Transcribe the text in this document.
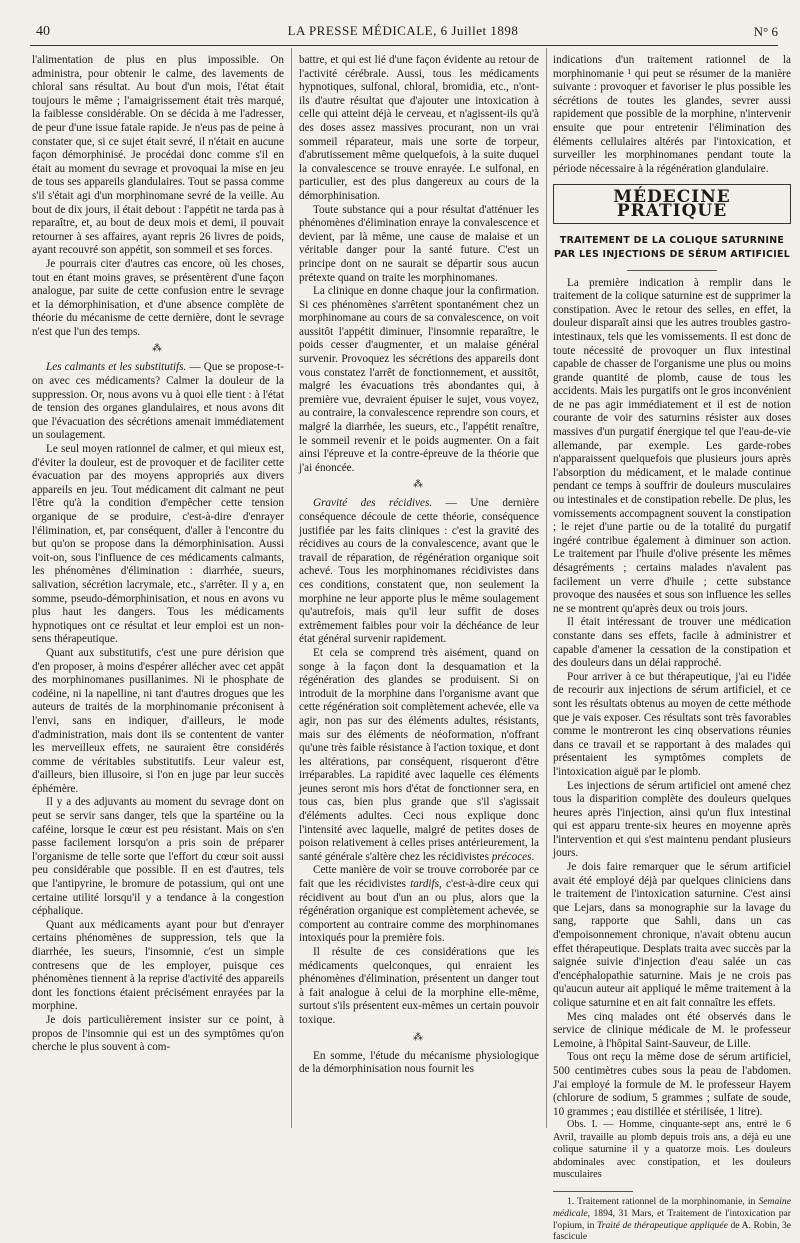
40	LA PRESSE MÉDICALE, 6 Juillet 1898	N° 6

l'alimentation de plus en plus impossible. On administra, pour obtenir le calme, des lavements de chloral sans résultat. Au bout d'un mois, l'état était toujours le même ; l'amaigrissement était très marqué, la faiblesse considérable. On se décida à me l'adresser, de peur d'une issue fatale rapide. Je n'eus pas de peine à constater que, si ce sujet était sevré, il n'était en aucune façon démorphinisé. Je procédai donc comme s'il en était au moment du sevrage et provoquai la mise en jeu de tous ses appareils glandulaires. Tout se passa comme s'il s'était agi d'un morphinomane sevré de la veille. Au bout de dix jours, il était debout : l'appétit ne tarda pas à reparaître, et, au bout de deux mois et demi, il pouvait retourner à ses affaires, ayant repris 26 livres de poids, ayant recouvré son appétit, son sommeil et ses forces.

Je pourrais citer d'autres cas encore, où les choses, tout en étant moins graves, se présentèrent d'une façon analogue, par suite de cette confusion entre le sevrage et la démorphinisation, et d'une absence complète de théorie du mécanisme de cette dernière, dont le sevrage n'est que l'un des temps.

⁂

Les calmants et les substitutifs. — Que se propose-t-on avec ces médicaments? Calmer la douleur de la suppression. Or, nous avons vu à quoi elle tient : à l'état de tension des organes glandulaires, et nous avons dit que l'évacuation des sécrétions amenait immédiatement un soulagement.

Le seul moyen rationnel de calmer, et qui mieux est, d'éviter la douleur, est de provoquer et de faciliter cette évacuation par des moyens appropriés aux divers appareils en jeu. Tout médicament dit calmant ne peut l'être qu'à la condition d'empêcher cette tension organique de se produire, c'est-à-dire d'enrayer l'élimination, et, par conséquent, d'aller à l'encontre du but qu'on se propose dans la démorphinisation. Aussi voit-on, sous l'influence de ces médicaments calmants, les phénomènes d'élimination : diarrhée, sueurs, salivation, sécrétion lacrymale, etc., s'arrêter. Il y a, en somme, pseudo-démorphinisation, et nous en avons vu plus haut les dangers. Tous les médicaments hypnotiques ont ce résultat et leur emploi est un non-sens thérapeutique.

Quant aux substitutifs, c'est une pure dérision que d'en proposer, à moins d'espérer allécher avec cet appât des morphinomanes pusillanimes. Ni le phosphate de codéine, ni la napelline, ni tant d'autres drogues que les auteurs de traités de la morphinomanie préconisent à l'envi, sans en indiquer, d'ailleurs, le mode d'administration, mais dont ils se contentent de vanter les merveilleux effets, ne sauraient être considérés comme de véritables substitutifs. Leur valeur est, d'ailleurs, bien illusoire, si l'on en juge par leur succès éphémère.

Il y a des adjuvants au moment du sevrage dont on peut se servir sans danger, tels que la spartéine ou la caféine, lorsque le cœur est peu résistant. Mais on s'en passe facilement lorsqu'on a pris soin de préparer l'organisme de telle sorte que l'effort du cœur soit aussi peu considérable que possible. Il en est d'autres, tels que l'antipyrine, le bromure de potassium, qui ont une certaine utilité lorsqu'il y a tendance à la congestion céphalique.

Quant aux médicaments ayant pour but d'enrayer certains phénomènes de suppression, tels que la diarrhée, les sueurs, l'insomnie, c'est un simple contresens que de les employer, puisque ces phénomènes tiennent à la reprise d'activité des appareils dont les fonctions étaient précisément enrayées par la morphine.

Je dois particulièrement insister sur ce point, à propos de l'insomnie qui est un des symptômes qu'on cherche le plus souvent à com-

battre, et qui est lié d'une façon évidente au retour de l'activité cérébrale. Aussi, tous les médicaments hypnotiques, sulfonal, chloral, bromidia, etc., n'ont-ils d'autre résultat que d'ajouter une intoxication à celle qui atteint déjà le cerveau, et n'agissent-ils qu'à des doses assez massives procurant, non un vrai sommeil réparateur, mais une sorte de torpeur, d'abrutissement même quelquefois, à la suite duquel la convalescence se trouve enrayée. Le sulfonal, en particulier, est des plus dangereux au cours de la démorphinisation.

Toute substance qui a pour résultat d'atténuer les phénomènes d'élimination enraye la convalescence et devient, par là même, une cause de malaise et un véritable danger pour la santé future. C'est un principe dont on ne saurait se départir sous aucun prétexte quand on traite les morphinomanes.

La clinique en donne chaque jour la confirmation. Si ces phénomènes s'arrêtent spontanément chez un morphinomane au cours de sa convalescence, on voit aussitôt l'appétit diminuer, l'insomnie reparaître, le poids cesser d'augmenter, et un malaise général survenir. Provoquez les sécrétions des appareils dont vous constatez l'arrêt de fonctionnement, et aussitôt, malgré les évacuations très abondantes qui, à première vue, devraient épuiser le sujet, vous voyez, au contraire, la convalescence reprendre son cours, et malgré la diarrhée, les sueurs, etc., l'appétit renaître, le sommeil revenir et le poids augmenter. On a fait ainsi l'épreuve et la contre-épreuve de la théorie que j'ai énoncée.

⁂

Gravité des récidives. — Une dernière conséquence découle de cette théorie, conséquence justifiée par les faits cliniques : c'est la gravité des récidives au cours de la convalescence, avant que le travail de réparation, de régénération organique soit achevé. Tous les morphinomanes récidivistes dans ces conditions, constatent que, non seulement la morphine ne leur apporte plus le même soulagement qu'autrefois, mais qu'il leur suffit de doses extrêmement faibles pour voir la déchéance de leur état général survenir rapidement.

Et cela se comprend très aisément, quand on songe à la façon dont la desquamation et la régénération des glandes se produisent. Si on introduit de la morphine dans l'organisme avant que cette régénération soit complètement achevée, elle va agir, non pas sur des éléments adultes, résistants, mais sur des éléments de néoformation, n'offrant qu'une très faible résistance à l'action toxique, et dont les altérations, par conséquent, risqueront d'être irréparables. La rapidité avec laquelle ces éléments jeunes seront mis hors d'état de fonctionner sera, en tous cas, bien plus grande que s'il s'agissait d'éléments adultes. Ceci nous explique donc l'intensité avec laquelle, malgré de petites doses de poison relativement à celles prises antérieurement, la santé générale s'altère chez les récidivistes précoces.

Cette manière de voir se trouve corroborée par ce fait que les récidivistes tardifs, c'est-à-dire ceux qui récidivent au bout d'un an ou plus, alors que la régénération organique est complètement achevée, se comportent au contraire comme des morphinomanes intoxiqués pour la première fois.

Il résulte de ces considérations que les médicaments quelconques, qui enraient les phénomènes d'élimination, présentent un danger tout à fait analogue à celui de la morphine elle-même, surtout s'ils présentent eux-mêmes un certain pouvoir toxique.

⁂

En somme, l'étude du mécanisme physiologique de la démorphinisation nous fournit les

indications d'un traitement rationnel de la morphinomanie ¹ qui peut se résumer de la manière suivante : provoquer et favoriser le plus possible les sécrétions de toutes les glandes, sevrer aussi rapidement que possible de la morphine, n'intervenir ensuite que pour entretenir l'élimination des éléments cellulaires altérés par l'intoxication, et surveiller les morphinomanes pendant toute la période nécessaire à la régénération glandulaire.

MÉDECINE PRATIQUE
TRAITEMENT DE LA COLIQUE SATURNINE
PAR LES INJECTIONS DE SÉRUM ARTIFICIEL

La première indication à remplir dans le traitement de la colique saturnine est de supprimer la constipation. Avec le retour des selles, en effet, la douleur disparaît ainsi que les autres troubles gastro-intestinaux, tels que les vomissements. Il est donc de toute nécessité de provoquer un flux intestinal capable de chasser de l'organisme une plus ou moins grande quantité de plomb, cause de tous les accidents. Mais les purgatifs ont le gros inconvénient de ne pas agir immédiatement et il est de notion courante de voir des saturnins résister aux doses massives d'un purgatif énergique tel que l'eau-de-vie allemande, par exemple. Les garde-robes n'apparaissent quelquefois que plusieurs jours après l'absorption du médicament, et le malade continue pendant ce temps à souffrir de douleurs musculaires ou intestinales et de constipation rebelle. De plus, les vomissements accompagnent souvent la constipation ; le rejet d'une partie ou de la totalité du purgatif ingéré contribue également à diminuer son action. Le traitement par l'huile d'olive présente les mêmes désagréments ; certains malades n'avalent pas facilement un verre d'huile ; cette substance provoque des nausées et sous son influence les selles ne se montrent qu'après deux ou trois jours.

Il était intéressant de trouver une médication constante dans ses effets, facile à administrer et capable d'amener la cessation de la constipation et des douleurs dans un délai rapproché.

Pour arriver à ce but thérapeutique, j'ai eu l'idée de recourir aux injections de sérum artificiel, et ce sont les résultats obtenus au moyen de cette méthode que je vais exposer. Ces résultats sont très favorables comme le montreront les cinq observations réunies dans ce travail et se rapportant à des malades qui présentaient les symptômes complets de l'intoxication aiguë par le plomb.

Les injections de sérum artificiel ont amené chez tous la disparition complète des douleurs quelques heures après l'injection, ainsi qu'un flux intestinal qui est apparu trente-six heures en moyenne après l'intervention et qui s'est maintenu pendant plusieurs jours.

Je dois faire remarquer que le sérum artificiel avait été employé déjà par quelques cliniciens dans le traitement de l'intoxication saturnine. C'est ainsi que Lejars, dans sa monographie sur la lavage du sang, rapporte que Sahli, dans un cas d'empoisonnement chronique, n'avait obtenu aucun effet thérapeutique. Desplats traita avec succès par la saignée suivie d'injection d'eau salée un cas d'encéphalopathie saturnine. Mais je ne crois pas qu'aucun auteur ait appliqué le même traitement à la colique saturnine et en ait fait connaître les effets.

Mes cinq malades ont été observés dans le service de clinique médicale de M. le professeur Lemoine, à l'hôpital Saint-Sauveur, de Lille.

Tous ont reçu la même dose de sérum artificiel, 500 centimètres cubes sous la peau de l'abdomen. J'ai employé la formule de M. le professeur Hayem (chlorure de sodium, 5 grammes ; sulfate de soude, 10 grammes ; eau distillée et stérilisée, 1 litre).

Obs. I. — Homme, cinquante-sept ans, entré le 6 Avril, travaille au plomb depuis trois ans, a déjà eu une colique saturnine il y a quatorze mois. Les douleurs abdominales avec constipation, et les douleurs musculaires

1. Traitement rationnel de la morphinomanie, in Semaine médicale, 1894, 31 Mars, et Traitement de l'intoxication par l'opium, in Traité de thérapeutique appliquée de A. Robin, 3e fascicule
